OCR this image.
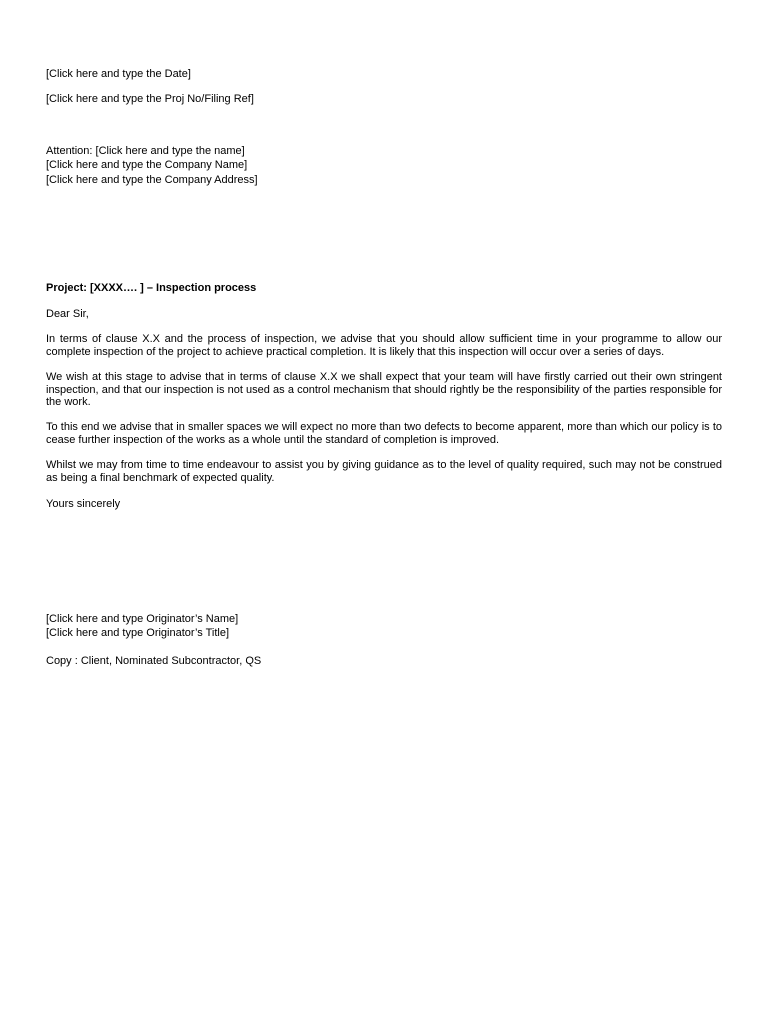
[Click here and type the Date]
[Click here and type the Proj No/Filing Ref]
Attention: [Click here and type the name]
[Click here and type the Company Name]
[Click here and type the Company Address]
Project: [XXXX…. ] – Inspection process
Dear Sir,
In terms of clause X.X and the process of inspection, we advise that you should allow sufficient time in your programme to allow our complete inspection of the project to achieve practical completion. It is likely that this inspection will occur over a series of days.
We wish at this stage to advise that in terms of clause X.X we shall expect that your team will have firstly carried out their own stringent inspection, and that our inspection is not used as a control mechanism that should rightly be the responsibility of the parties responsible for the work.
To this end we advise that in smaller spaces we will expect no more than two defects to become apparent, more than which our policy is to cease further inspection of the works as a whole until the standard of completion is improved.
Whilst we may from time to time endeavour to assist you by giving guidance as to the level of quality required, such may not be construed as being a final benchmark of expected quality.
Yours sincerely
[Click here and type Originator’s Name]
[Click here and type Originator’s Title]
Copy : Client, Nominated Subcontractor, QS
